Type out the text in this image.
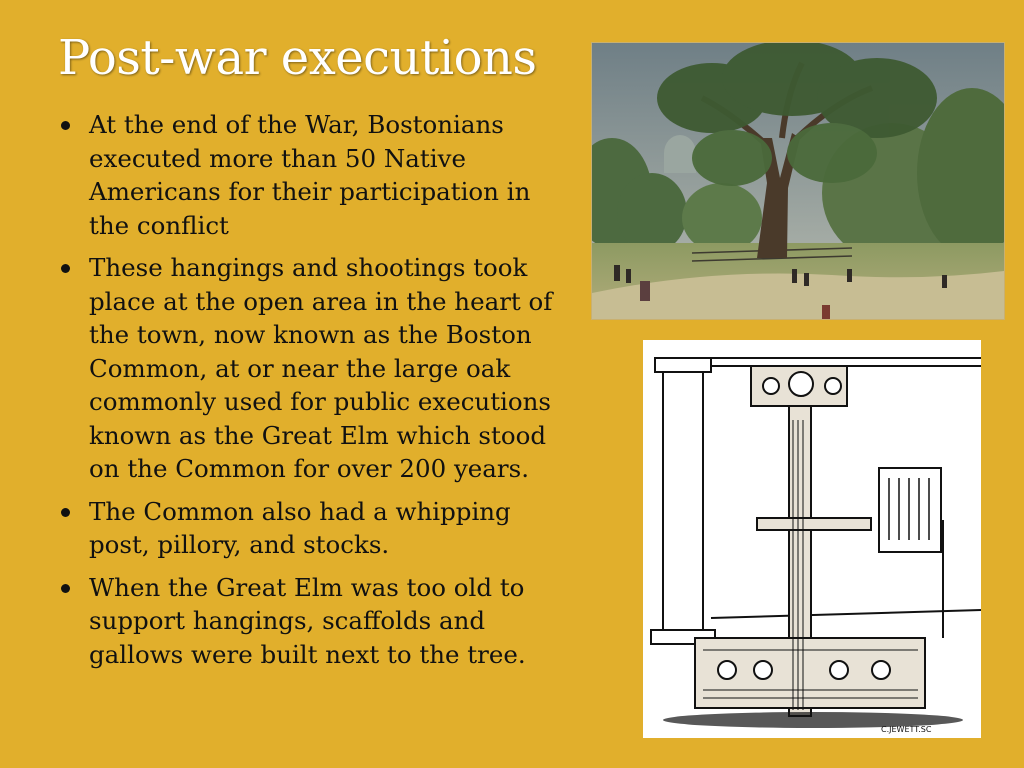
Post-war executions
At the end of the War, Bostonians executed more than 50 Native Americans for their participation in the conflict
These hangings and shootings took place at the open area in the heart of the town, now known as the Boston Common, at or near the large oak commonly used for public executions known as the Great Elm which stood on the Common for over 200 years.
The Common also had a whipping post, pillory, and stocks.
When the Great Elm was too old to support hangings, scaffolds and gallows were built next to the tree.
C.JEWETT.SC
